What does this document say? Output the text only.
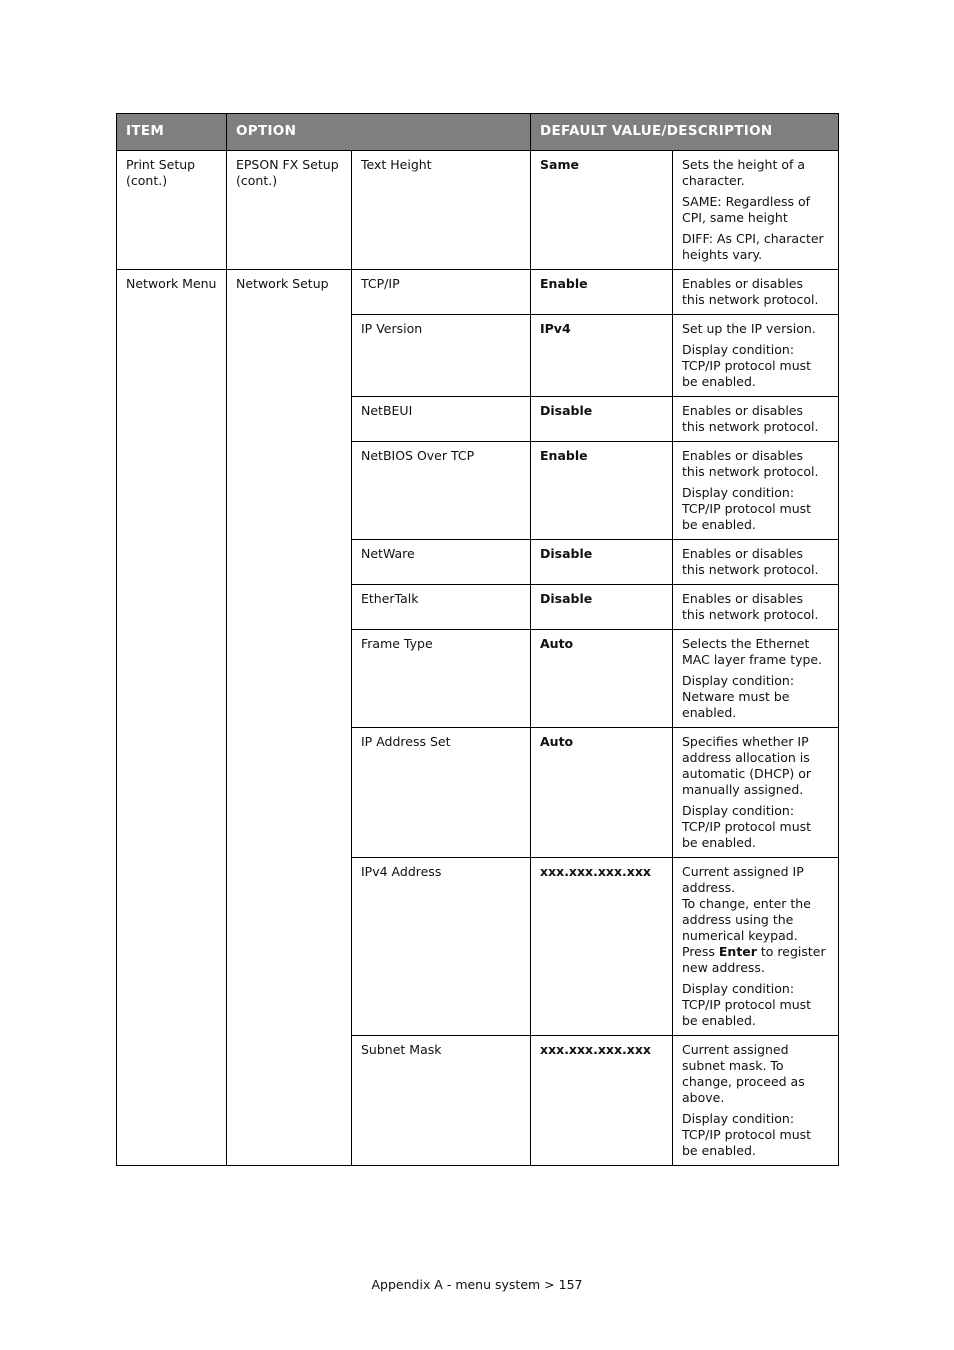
ITEM	OPTION		DEFAULT VALUE/DESCRIPTION	
Print Setup (cont.)	EPSON FX Setup (cont.)	Text Height	Same	Sets the height of a character.
SAME: Regardless of CPI, same height
DIFF: As CPI, character heights vary.

Network Menu	Network Setup	TCP/IP	Enable	Enables or disables this network protocol.

		IP Version	IPv4	Set up the IP version.
Display condition: TCP/IP protocol must be enabled.

		NetBEUI	Disable	Enables or disables this network protocol.

		NetBIOS Over TCP	Enable	Enables or disables this network protocol.
Display condition: TCP/IP protocol must be enabled.

		NetWare	Disable	Enables or disables this network protocol.

		EtherTalk	Disable	Enables or disables this network protocol.

		Frame Type	Auto	Selects the Ethernet MAC layer frame type.
Display condition: Netware must be enabled.

		IP Address Set	Auto	Specifies whether IP address allocation is automatic (DHCP) or manually assigned.
Display condition: TCP/IP protocol must be enabled.

		IPv4 Address	xxx.xxx.xxx.xxx	Current assigned IP address.
To change, enter the address using the numerical keypad. Press Enter to register new address.
Display condition: TCP/IP protocol must be enabled.

		Subnet Mask	xxx.xxx.xxx.xxx	Current assigned subnet mask. To change, proceed as above.
Display condition: TCP/IP protocol must be enabled.
Appendix A - menu system > 157
